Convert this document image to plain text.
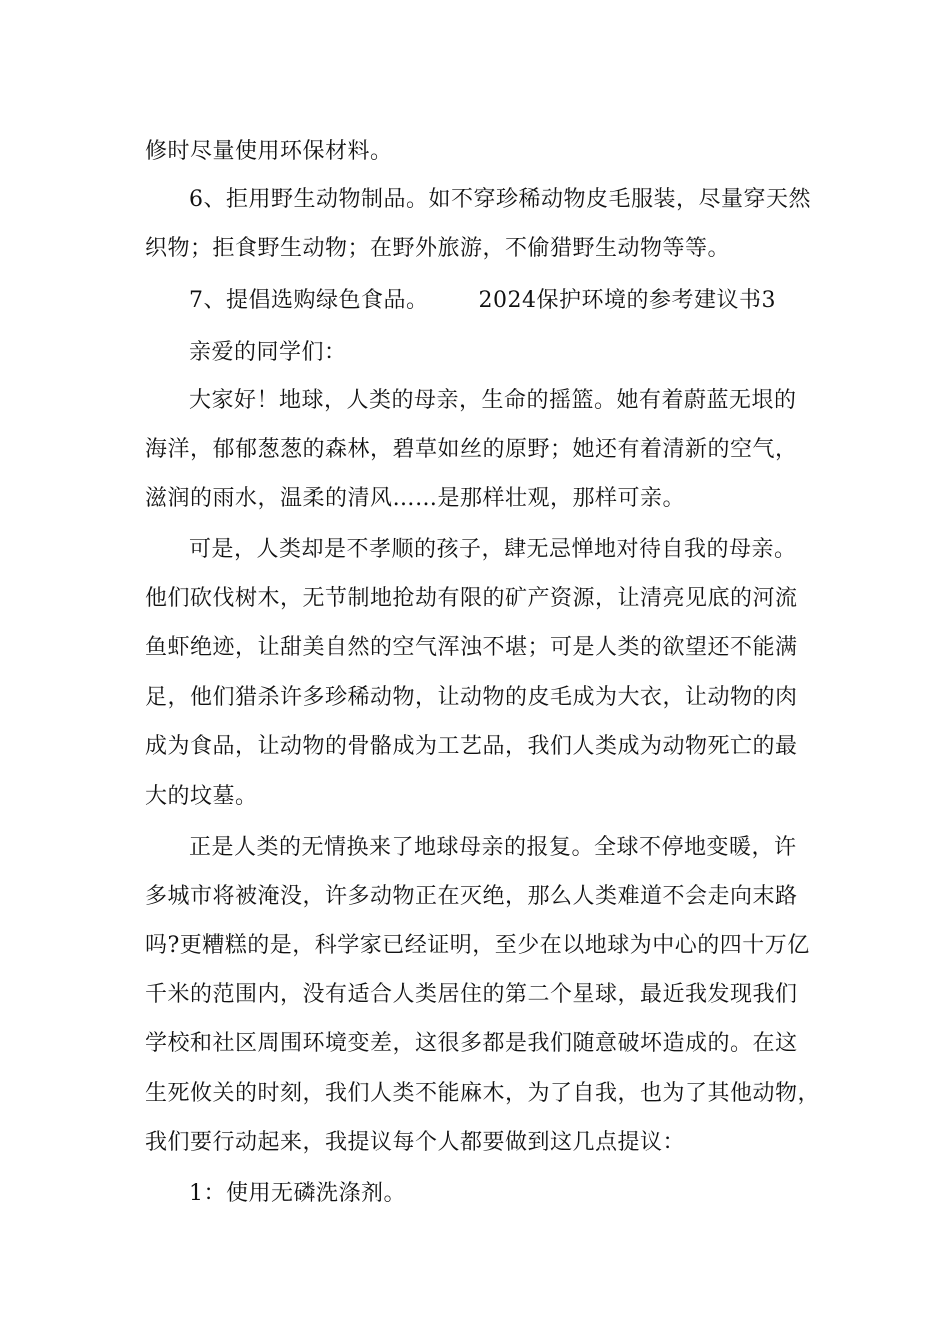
修时尽量使用环保材料。
6、拒用野生动物制品。如不穿珍稀动物皮毛服装，尽量穿天然
织物；拒食野生动物；在野外旅游，不偷猎野生动物等等。
7、提倡选购绿色食品。 2024保护环境的参考建议书3
亲爱的同学们：
大家好！地球，人类的母亲，生命的摇篮。她有着蔚蓝无垠的
海洋，郁郁葱葱的森林，碧草如丝的原野；她还有着清新的空气，
滋润的雨水，温柔的清风……是那样壮观，那样可亲。
可是，人类却是不孝顺的孩子，肆无忌惮地对待自我的母亲。
他们砍伐树木，无节制地抢劫有限的矿产资源，让清亮见底的河流
鱼虾绝迹，让甜美自然的空气浑浊不堪；可是人类的欲望还不能满
足，他们猎杀许多珍稀动物，让动物的皮毛成为大衣，让动物的肉
成为食品，让动物的骨骼成为工艺品，我们人类成为动物死亡的最
大的坟墓。
正是人类的无情换来了地球母亲的报复。全球不停地变暖，许
多城市将被淹没，许多动物正在灭绝，那么人类难道不会走向末路
吗?更糟糕的是，科学家已经证明，至少在以地球为中心的四十万亿
千米的范围内，没有适合人类居住的第二个星球，最近我发现我们
学校和社区周围环境变差，这很多都是我们随意破坏造成的。在这
生死攸关的时刻，我们人类不能麻木，为了自我，也为了其他动物，
我们要行动起来，我提议每个人都要做到这几点提议：
1：使用无磷洗涤剂。
